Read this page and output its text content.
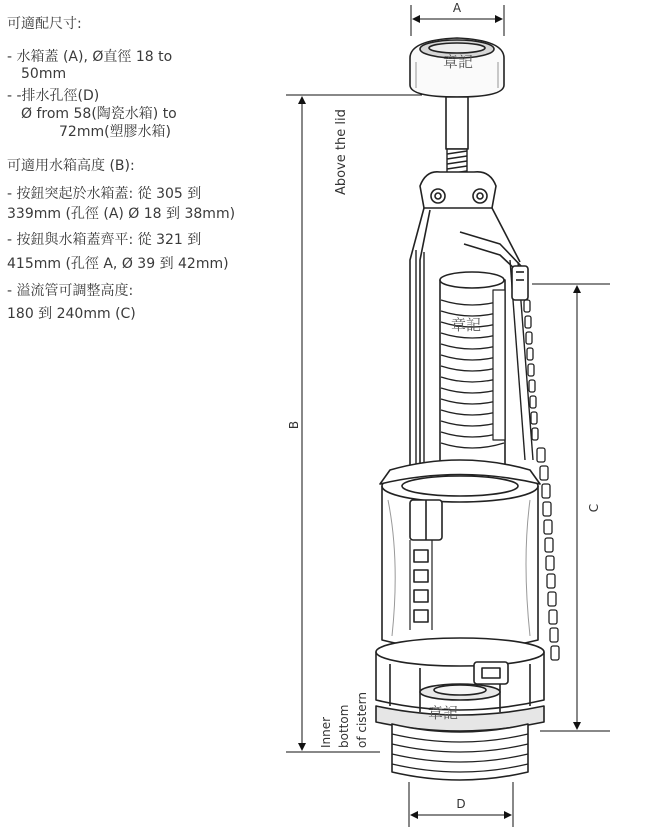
可適配尺寸:
- 水箱蓋 (A), Ø直徑 18 to
50mm
- -排水孔徑(D)
Ø from 58(陶瓷水箱) to
72mm(塑膠水箱)
可適用水箱高度 (B):
- 按鈕突起於水箱蓋: 從 305 到
339mm (孔徑 (A) Ø 18 到 38mm)
- 按鈕與水箱蓋齊平: 從 321 到
415mm (孔徑 A, Ø 39 到 42mm)
- 溢流管可調整高度:
180 到 240mm (C)
A
B
Above the lid
Inner bottom of cistern
C
D
章記
章記
章記
